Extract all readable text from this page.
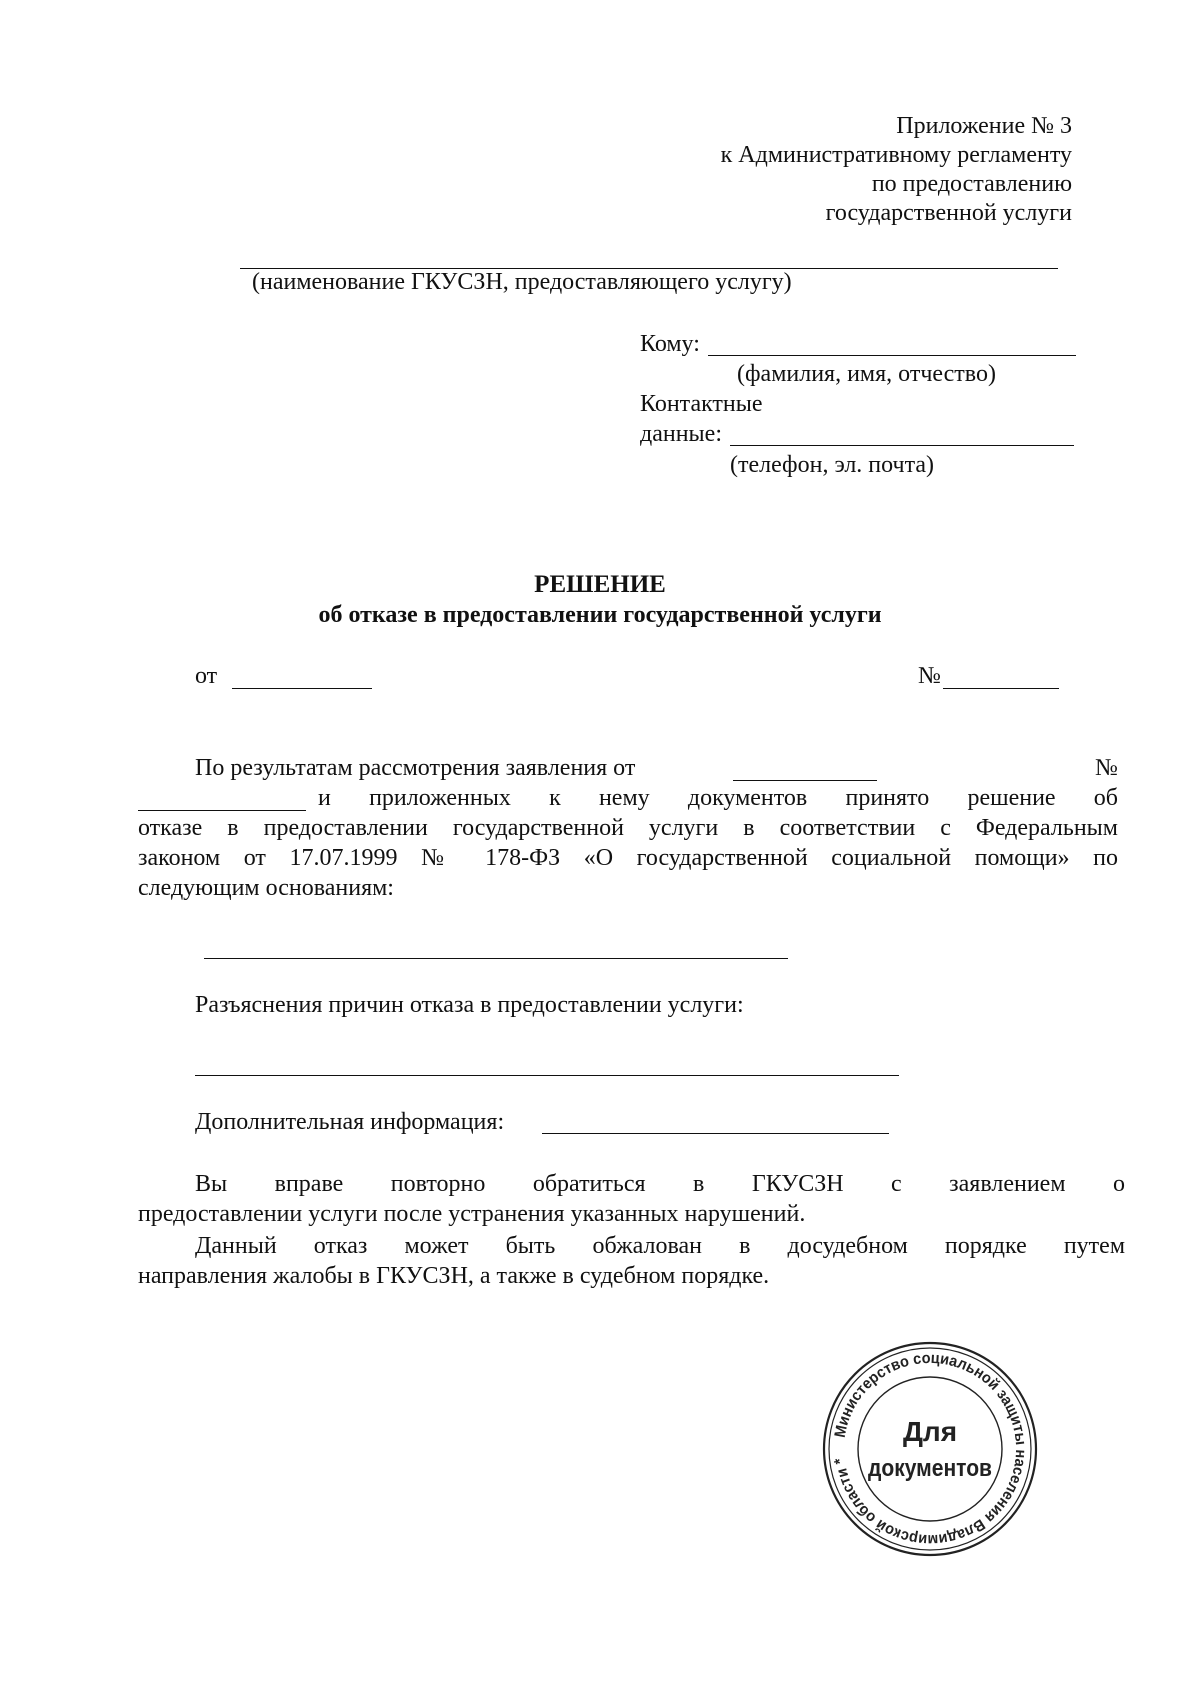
Приложение № 3
к Административному регламенту
по предоставлению
государственной услуги
(наименование ГКУСЗН, предоставляющего услугу)
Кому:
(фамилия, имя, отчество)
Контактные
данные:
(телефон, эл. почта)
РЕШЕНИЕ
об отказе в предоставлении государственной услуги
от	№
По результатам рассмотрения заявления от	№
и приложенных к нему документов принято решение об
отказе в предоставлении государственной услуги в соответствии с Федеральным
законом от 17.07.1999 № 178-ФЗ «О государственной социальной помощи» по
следующим основаниям:
Разъяснения причин отказа в предоставлении услуги:
Дополнительная информация:
Вы вправе повторно обратиться в ГКУСЗН с заявлением о
предоставлении услуги после устранения указанных нарушений.
Данный отказ может быть обжалован в досудебном порядке путем
направления жалобы в ГКУСЗН, а также в судебном порядке.
Министерство социальной защиты населения Владимирской области *
Для
документов
